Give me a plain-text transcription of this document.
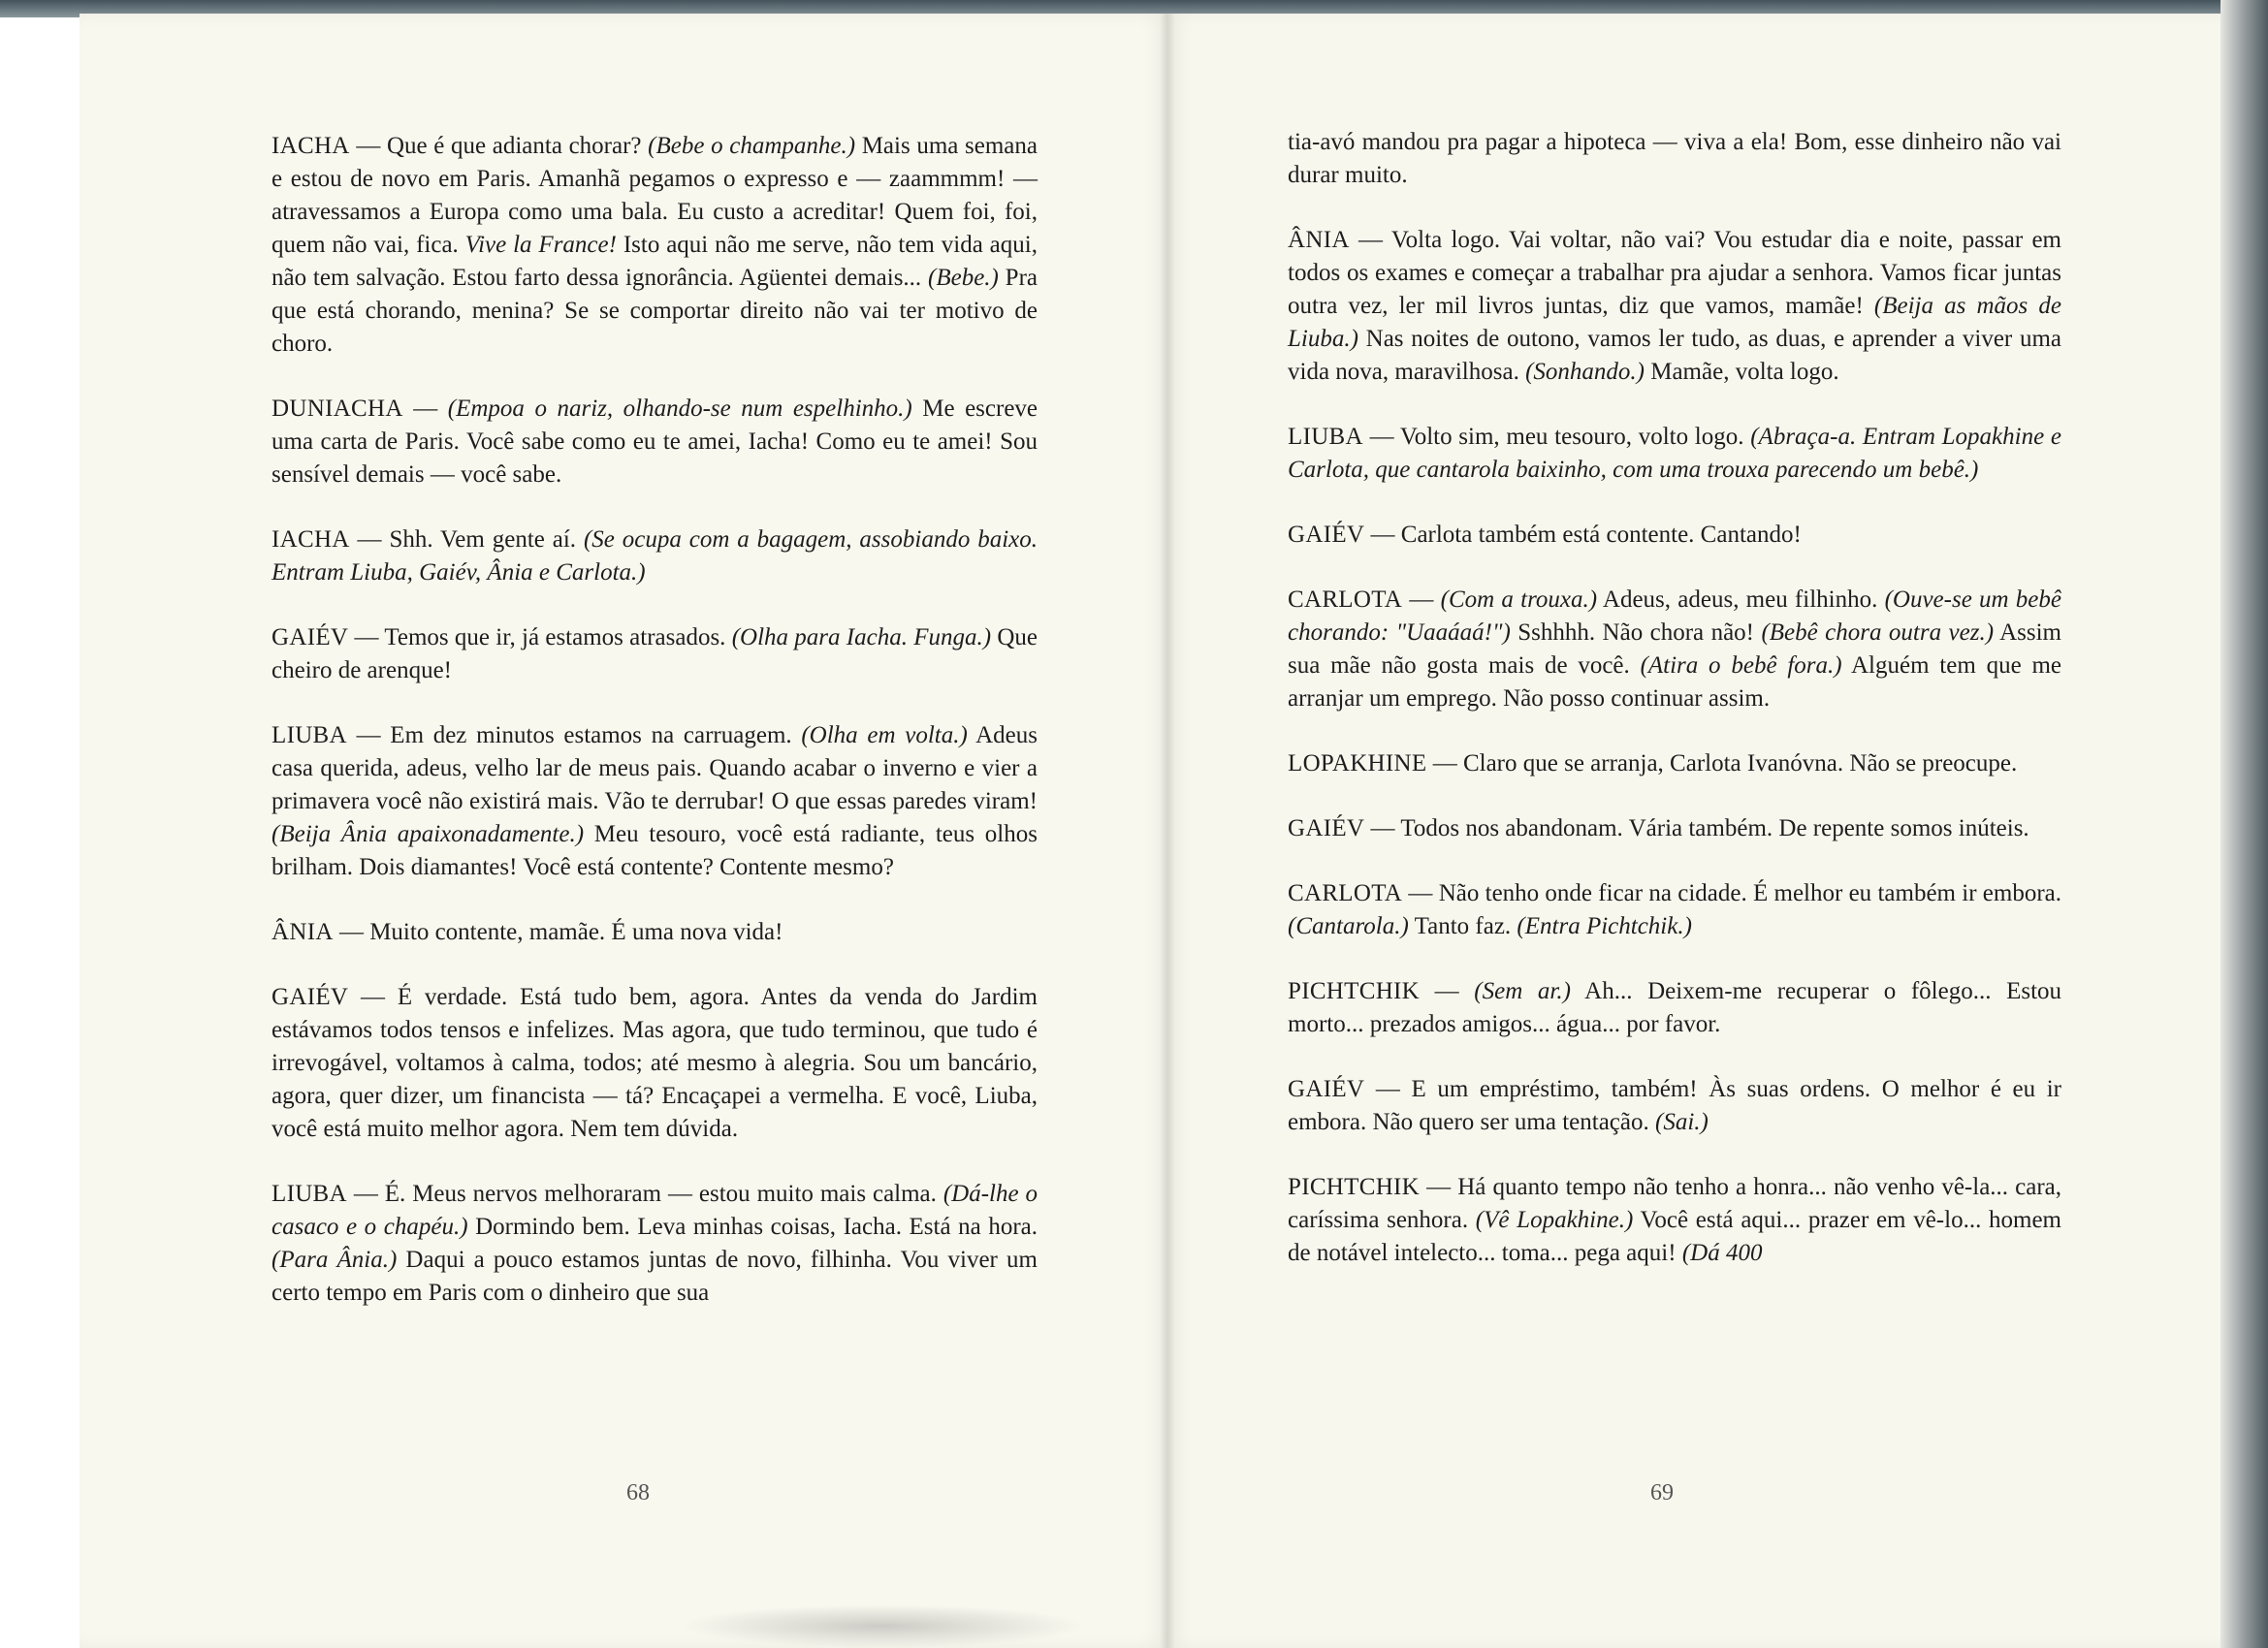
IACHA — Que é que adianta chorar? (Bebe o champanhe.) Mais uma semana e estou de novo em Paris. Amanhã pegamos o expresso e — zaammmm! — atravessamos a Europa como uma bala. Eu custo a acreditar! Quem foi, foi, quem não vai, fica. Vive la France! Isto aqui não me serve, não tem vida aqui, não tem salvação. Estou farto dessa ignorância. Agüentei demais... (Bebe.) Pra que está chorando, menina? Se se comportar direito não vai ter motivo de choro.

DUNIACHA — (Empoa o nariz, olhando-se num espelhinho.) Me escreve uma carta de Paris. Você sabe como eu te amei, Iacha! Como eu te amei! Sou sensível demais — você sabe.

IACHA — Shh. Vem gente aí. (Se ocupa com a bagagem, assobiando baixo. Entram Liuba, Gaiév, Ânia e Carlota.)

GAIÉV — Temos que ir, já estamos atrasados. (Olha para Iacha. Funga.) Que cheiro de arenque!

LIUBA — Em dez minutos estamos na carruagem. (Olha em volta.) Adeus casa querida, adeus, velho lar de meus pais. Quando acabar o inverno e vier a primavera você não existirá mais. Vão te derrubar! O que essas paredes viram! (Beija Ânia apaixonadamente.) Meu tesouro, você está radiante, teus olhos brilham. Dois diamantes! Você está contente? Contente mesmo?

ÂNIA — Muito contente, mamãe. É uma nova vida!

GAIÉV — É verdade. Está tudo bem, agora. Antes da venda do Jardim estávamos todos tensos e infelizes. Mas agora, que tudo terminou, que tudo é irrevogável, voltamos à calma, todos; até mesmo à alegria. Sou um bancário, agora, quer dizer, um financista — tá? Encaçapei a vermelha. E você, Liuba, você está muito melhor agora. Nem tem dúvida.

LIUBA — É. Meus nervos melhoraram — estou muito mais calma. (Dá-lhe o casaco e o chapéu.) Dormindo bem. Leva minhas coisas, Iacha. Está na hora. (Para Ânia.) Daqui a pouco estamos juntas de novo, filhinha. Vou viver um certo tempo em Paris com o dinheiro que sua

tia-avó mandou pra pagar a hipoteca — viva a ela! Bom, esse dinheiro não vai durar muito.

ÂNIA — Volta logo. Vai voltar, não vai? Vou estudar dia e noite, passar em todos os exames e começar a trabalhar pra ajudar a senhora. Vamos ficar juntas outra vez, ler mil livros juntas, diz que vamos, mamãe! (Beija as mãos de Liuba.) Nas noites de outono, vamos ler tudo, as duas, e aprender a viver uma vida nova, maravilhosa. (Sonhando.) Mamãe, volta logo.

LIUBA — Volto sim, meu tesouro, volto logo. (Abraça-a. Entram Lopakhine e Carlota, que cantarola baixinho, com uma trouxa parecendo um bebê.)

GAIÉV — Carlota também está contente. Cantando!

CARLOTA — (Com a trouxa.) Adeus, adeus, meu filhinho. (Ouve-se um bebê chorando: "Uaaáaá!") Sshhhh. Não chora não! (Bebê chora outra vez.) Assim sua mãe não gosta mais de você. (Atira o bebê fora.) Alguém tem que me arranjar um emprego. Não posso continuar assim.

LOPAKHINE — Claro que se arranja, Carlota Ivanóvna. Não se preocupe.

GAIÉV — Todos nos abandonam. Vária também. De repente somos inúteis.

CARLOTA — Não tenho onde ficar na cidade. É melhor eu também ir embora. (Cantarola.) Tanto faz. (Entra Pichtchik.)

PICHTCHIK — (Sem ar.) Ah... Deixem-me recuperar o fôlego... Estou morto... prezados amigos... água... por favor.

GAIÉV — E um empréstimo, também! Às suas ordens. O melhor é eu ir embora. Não quero ser uma tentação. (Sai.)

PICHTCHIK — Há quanto tempo não tenho a honra... não venho vê-la... cara, caríssima senhora. (Vê Lopakhine.) Você está aqui... prazer em vê-lo... homem de notável intelecto... toma... pega aqui! (Dá 400

68	69
